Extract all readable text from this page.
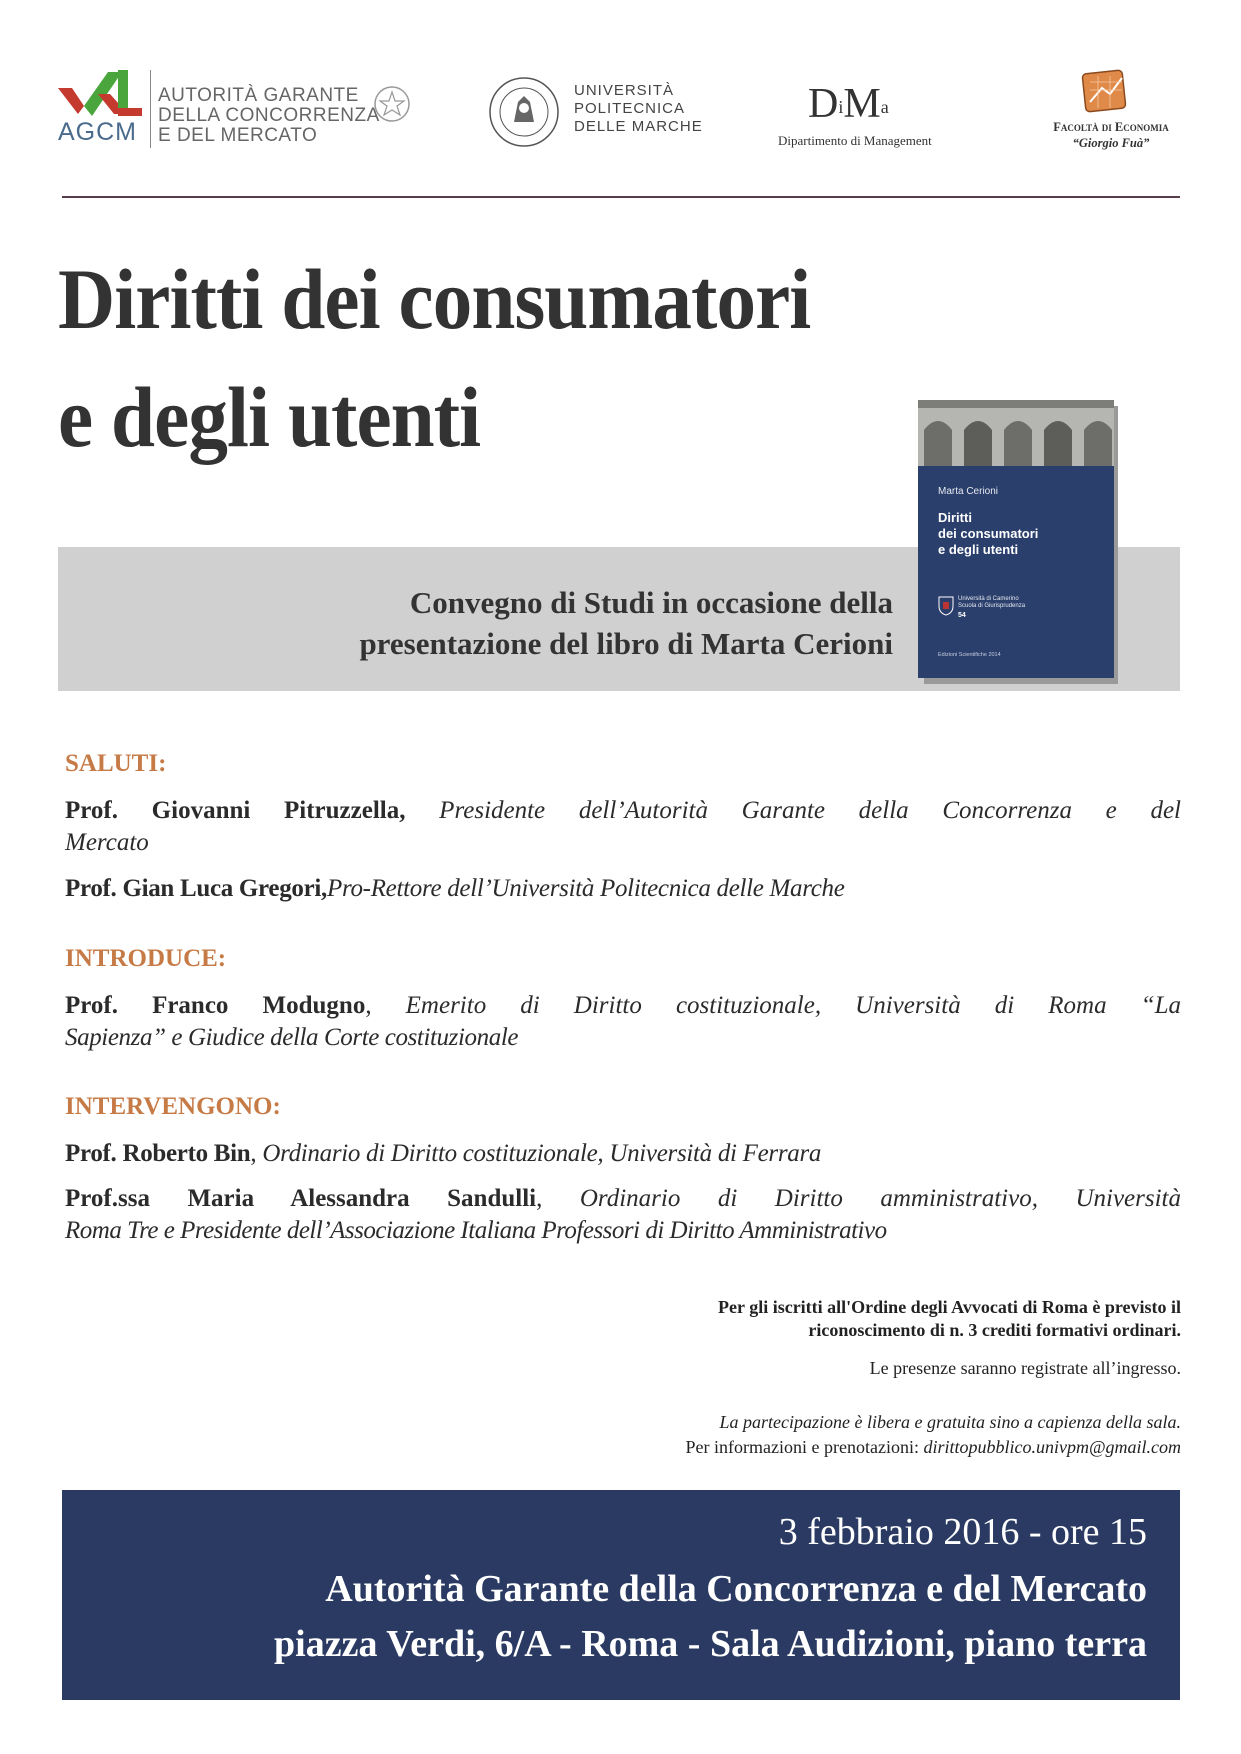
AGCM
AUTORITÀ GARANTE
DELLA CONCORRENZA
E DEL MERCATO
UNIVERSITÀ
POLITECNICA
DELLE MARCHE	DiMa
Dipartimento di Management
Facoltà di Economia
“Giorgio Fuà”
Diritti dei consumatori
e degli utenti
Convegno di Studi in occasione della
presentazione del libro di Marta Cerioni
Marta Cerioni
Diritti
dei consumatori
e degli utenti
Università di Camerino
Scuola di Giurisprudenza
54
Edizioni Scientifiche 2014
SALUTI:
Prof. Giovanni Pitruzzella, Presidente dell’Autorità Garante della Concorrenza e del
Mercato
Prof. Gian Luca Gregori,Pro-Rettore dell’Università Politecnica delle Marche
INTRODUCE:
Prof. Franco Modugno, Emerito di Diritto costituzionale, Università di Roma “La
Sapienza” e Giudice della Corte costituzionale
INTERVENGONO:
Prof. Roberto Bin, Ordinario di Diritto costituzionale, Università di Ferrara
Prof.ssa Maria Alessandra Sandulli, Ordinario di Diritto amministrativo, Università
Roma Tre e Presidente dell’Associazione Italiana Professori di Diritto Amministrativo
Per gli iscritti all'Ordine degli Avvocati di Roma è previsto il
riconoscimento di n. 3 crediti formativi ordinari.
Le presenze saranno registrate all’ingresso.
La partecipazione è libera e gratuita sino a capienza della sala.
Per informazioni e prenotazioni: dirittopubblico.univpm@gmail.com
3 febbraio 2016 - ore 15
Autorità Garante della Concorrenza e del Mercato
piazza Verdi, 6/A - Roma - Sala Audizioni, piano terra
